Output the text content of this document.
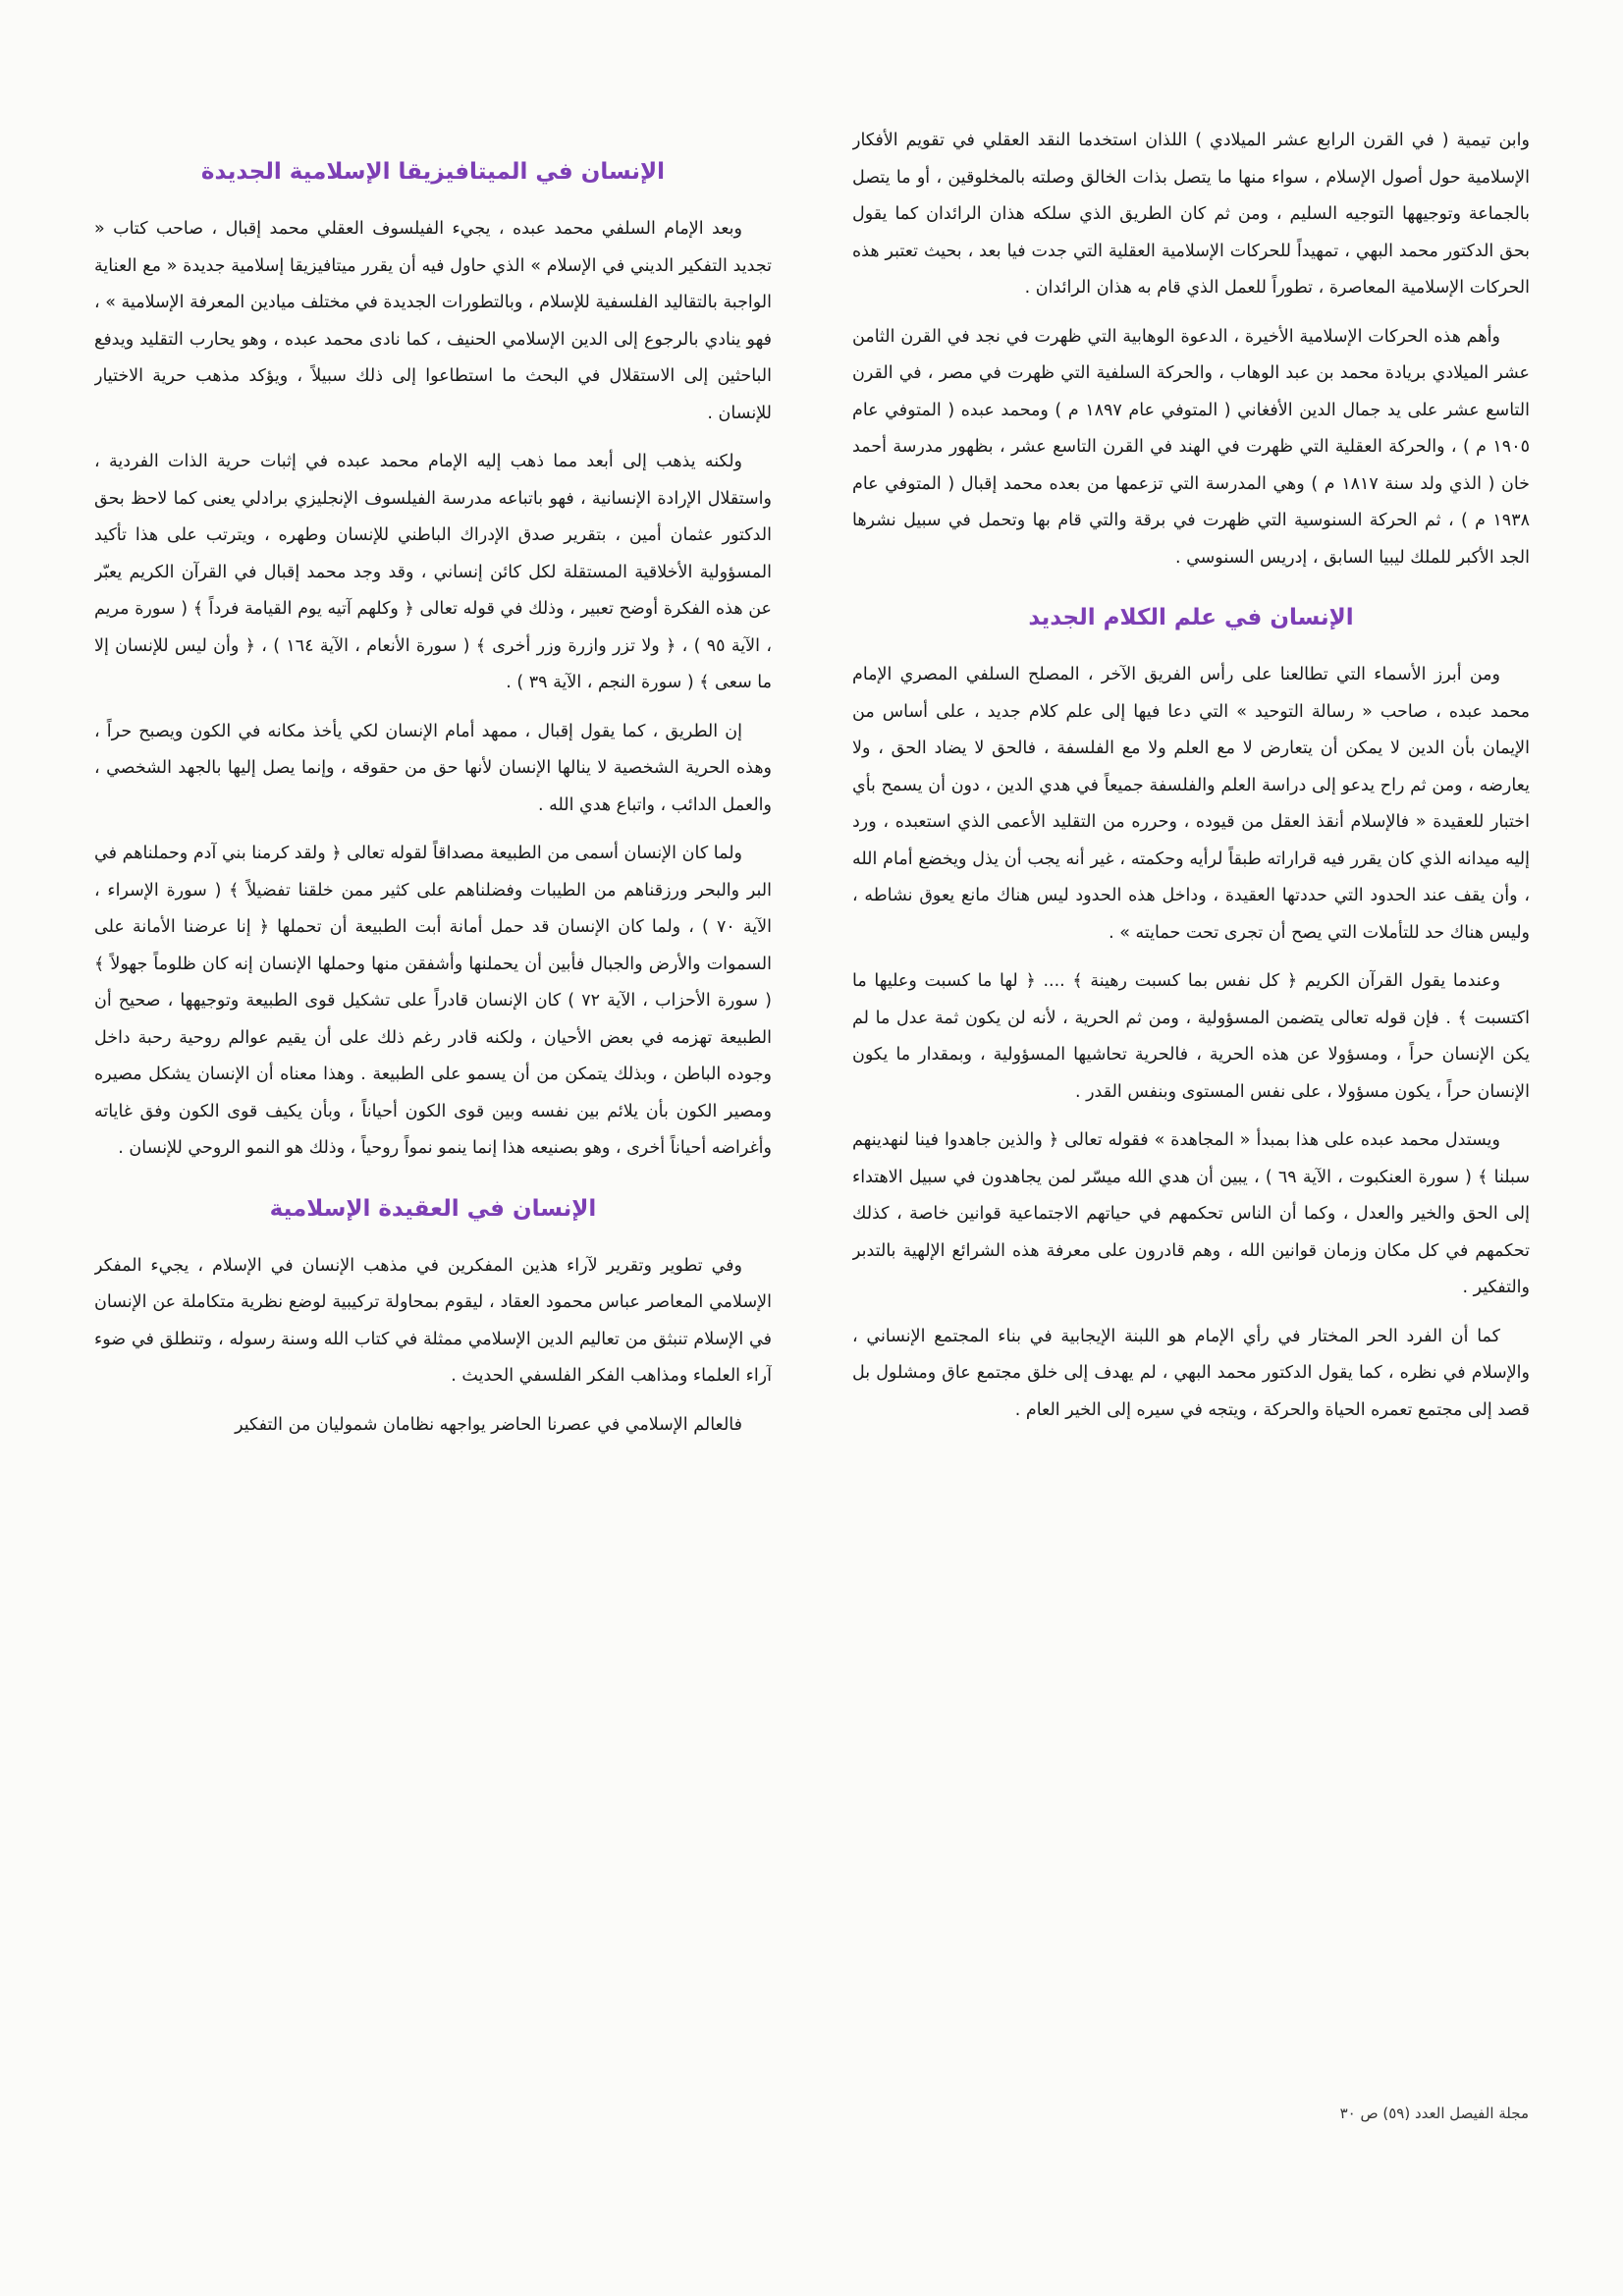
وابن تيمية ( في القرن الرابع عشر الميلادي ) اللذان استخدما النقد العقلي في تقويم الأفكار الإسلامية حول أصول الإسلام ، سواء منها ما يتصل بذات الخالق وصلته بالمخلوقين ، أو ما يتصل بالجماعة وتوجيهها التوجيه السليم ، ومن ثم كان الطريق الذي سلكه هذان الرائدان كما يقول بحق الدكتور محمد البهي ، تمهيداً للحركات الإسلامية العقلية التي جدت فيا بعد ، بحيث تعتبر هذه الحركات الإسلامية المعاصرة ، تطوراً للعمل الذي قام به هذان الرائدان .

وأهم هذه الحركات الإسلامية الأخيرة ، الدعوة الوهابية التي ظهرت في نجد في القرن الثامن عشر الميلادي بريادة محمد بن عبد الوهاب ، والحركة السلفية التي ظهرت في مصر ، في القرن التاسع عشر على يد جمال الدين الأفغاني ( المتوفي عام ١٨٩٧ م ) ومحمد عبده ( المتوفي عام ١٩٠٥ م ) ، والحركة العقلية التي ظهرت في الهند في القرن التاسع عشر ، بظهور مدرسة أحمد خان ( الذي ولد سنة ١٨١٧ م ) وهي المدرسة التي تزعمها من بعده محمد إقبال ( المتوفي عام ١٩٣٨ م ) ، ثم الحركة السنوسية التي ظهرت في برقة والتي قام بها وتحمل في سبيل نشرها الجد الأكبر للملك ليبيا السابق ، إدريس السنوسي .

الإنسان في علم الكلام الجديد

ومن أبرز الأسماء التي تطالعنا على رأس الفريق الآخر ، المصلح السلفي المصري الإمام محمد عبده ، صاحب « رسالة التوحيد » التي دعا فيها إلى علم كلام جديد ، على أساس من الإيمان بأن الدين لا يمكن أن يتعارض لا مع العلم ولا مع الفلسفة ، فالحق لا يضاد الحق ، ولا يعارضه ، ومن ثم راح يدعو إلى دراسة العلم والفلسفة جميعاً في هدي الدين ، دون أن يسمح بأي اختبار للعقيدة « فالإسلام أنقذ العقل من قيوده ، وحرره من التقليد الأعمى الذي استعبده ، ورد إليه ميدانه الذي كان يقرر فيه قراراته طبقاً لرأيه وحكمته ، غير أنه يجب أن يذل ويخضع أمام الله ، وأن يقف عند الحدود التي حددتها العقيدة ، وداخل هذه الحدود ليس هناك مانع يعوق نشاطه ، وليس هناك حد للتأملات التي يصح أن تجرى تحت حمايته » .

وعندما يقول القرآن الكريم ﴿ كل نفس بما كسبت رهينة ﴾ .... ﴿ لها ما كسبت وعليها ما اكتسبت ﴾ . فإن قوله تعالى يتضمن المسؤولية ، ومن ثم الحرية ، لأنه لن يكون ثمة عدل ما لم يكن الإنسان حراً ، ومسؤولا عن هذه الحرية ، فالحرية تحاشيها المسؤولية ، وبمقدار ما يكون الإنسان حراً ، يكون مسؤولا ، على نفس المستوى وبنفس القدر .

ويستدل محمد عبده على هذا بمبدأ « المجاهدة » فقوله تعالى ﴿ والذين جاهدوا فينا لنهدينهم سبلنا ﴾ ( سورة العنكبوت ، الآية ٦٩ ) ، يبين أن هدي الله ميسّر لمن يجاهدون في سبيل الاهتداء إلى الحق والخير والعدل ، وكما أن الناس تحكمهم في حياتهم الاجتماعية قوانين خاصة ، كذلك تحكمهم في كل مكان وزمان قوانين الله ، وهم قادرون على معرفة هذه الشرائع الإلهية بالتدبر والتفكير .

كما أن الفرد الحر المختار في رأي الإمام هو اللبنة الإيجابية في بناء المجتمع الإنساني ، والإسلام في نظره ، كما يقول الدكتور محمد البهي ، لم يهدف إلى خلق مجتمع عاق ومشلول بل قصد إلى مجتمع تعمره الحياة والحركة ، ويتجه في سيره إلى الخير العام .

الإنسان في الميتافيزيقا الإسلامية الجديدة

وبعد الإمام السلفي محمد عبده ، يجيء الفيلسوف العقلي محمد إقبال ، صاحب كتاب « تجديد التفكير الديني في الإسلام » الذي حاول فيه أن يقرر ميتافيزيقا إسلامية جديدة « مع العناية الواجبة بالتقاليد الفلسفية للإسلام ، وبالتطورات الجديدة في مختلف ميادين المعرفة الإسلامية » ، فهو ينادي بالرجوع إلى الدين الإسلامي الحنيف ، كما نادى محمد عبده ، وهو يحارب التقليد ويدفع الباحثين إلى الاستقلال في البحث ما استطاعوا إلى ذلك سبيلاً ، ويؤكد مذهب حرية الاختيار للإنسان .

ولكنه يذهب إلى أبعد مما ذهب إليه الإمام محمد عبده في إثبات حرية الذات الفردية ، واستقلال الإرادة الإنسانية ، فهو باتباعه مدرسة الفيلسوف الإنجليزي برادلي يعنى كما لاحظ بحق الدكتور عثمان أمين ، بتقرير صدق الإدراك الباطني للإنسان وطهره ، ويترتب على هذا تأكيد المسؤولية الأخلاقية المستقلة لكل كائن إنساني ، وقد وجد محمد إقبال في القرآن الكريم يعبّر عن هذه الفكرة أوضح تعبير ، وذلك في قوله تعالى ﴿ وكلهم آتيه يوم القيامة فرداً ﴾ ( سورة مريم ، الآية ٩٥ ) ، ﴿ ولا تزر وازرة وزر أخرى ﴾ ( سورة الأنعام ، الآية ١٦٤ ) ، ﴿ وأن ليس للإنسان إلا ما سعى ﴾ ( سورة النجم ، الآية ٣٩ ) .

إن الطريق ، كما يقول إقبال ، ممهد أمام الإنسان لكي يأخذ مكانه في الكون ويصبح حراً ، وهذه الحرية الشخصية لا ينالها الإنسان لأنها حق من حقوقه ، وإنما يصل إليها بالجهد الشخصي ، والعمل الدائب ، واتباع هدي الله .

ولما كان الإنسان أسمى من الطبيعة مصداقاً لقوله تعالى ﴿ ولقد كرمنا بني آدم وحملناهم في البر والبحر ورزقناهم من الطيبات وفضلناهم على كثير ممن خلقنا تفضيلاً ﴾ ( سورة الإسراء ، الآية ٧٠ ) ، ولما كان الإنسان قد حمل أمانة أبت الطبيعة أن تحملها ﴿ إنا عرضنا الأمانة على السموات والأرض والجبال فأبين أن يحملنها وأشفقن منها وحملها الإنسان إنه كان ظلوماً جهولاً ﴾ ( سورة الأحزاب ، الآية ٧٢ ) كان الإنسان قادراً على تشكيل قوى الطبيعة وتوجيهها ، صحيح أن الطبيعة تهزمه في بعض الأحيان ، ولكنه قادر رغم ذلك على أن يقيم عوالم روحية رحبة داخل وجوده الباطن ، وبذلك يتمكن من أن يسمو على الطبيعة . وهذا معناه أن الإنسان يشكل مصيره ومصير الكون بأن يلائم بين نفسه وبين قوى الكون أحياناً ، وبأن يكيف قوى الكون وفق غاياته وأغراضه أحياناً أخرى ، وهو بصنيعه هذا إنما ينمو نمواً روحياً ، وذلك هو النمو الروحي للإنسان .

الإنسان في العقيدة الإسلامية

وفي تطوير وتقرير لآراء هذين المفكرين في مذهب الإنسان في الإسلام ، يجيء المفكر الإسلامي المعاصر عباس محمود العقاد ، ليقوم بمحاولة تركيبية لوضع نظرية متكاملة عن الإنسان في الإسلام تنبثق من تعاليم الدين الإسلامي ممثلة في كتاب الله وسنة رسوله ، وتنطلق في ضوء آراء العلماء ومذاهب الفكر الفلسفي الحديث .

فالعالم الإسلامي في عصرنا الحاضر يواجهه نظامان شموليان من التفكير

مجلة الفيصل العدد (٥٩) ص ٣٠
